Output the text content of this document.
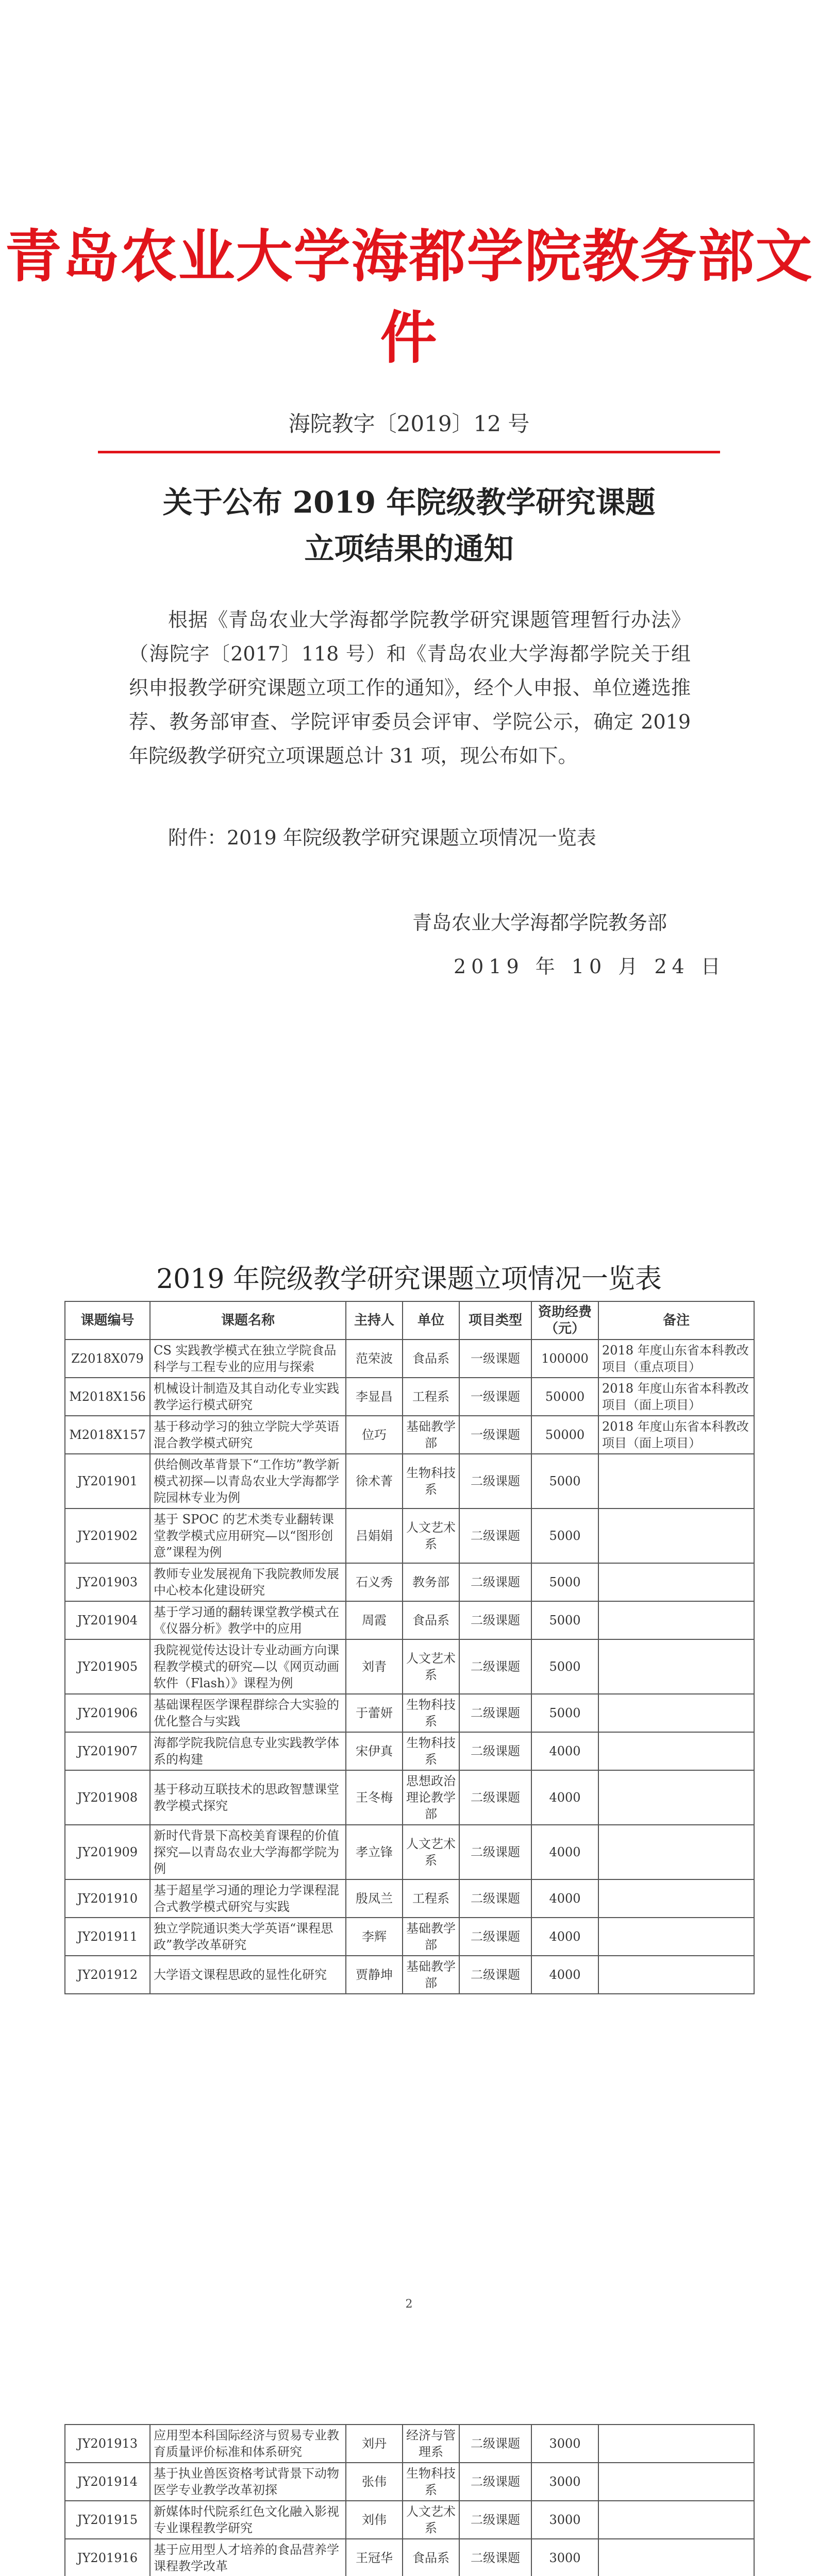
青岛农业大学海都学院教务部文件
海院教字〔2019〕12 号
关于公布 2019 年院级教学研究课题
立项结果的通知
根据《青岛农业大学海都学院教学研究课题管理暂行办法》（海院字〔2017〕118 号）和《青岛农业大学海都学院关于组织申报教学研究课题立项工作的通知》，经个人申报、单位遴选推荐、教务部审查、学院评审委员会评审、学院公示，确定 2019 年院级教学研究立项课题总计 31 项，现公布如下。
附件：2019 年院级教学研究课题立项情况一览表
青岛农业大学海都学院教务部
2019 年 10 月 24 日
2019 年院级教学研究课题立项情况一览表
课题编号	课题名称	主持人	单位	项目类型	资助经费（元）	备注
Z2018X079	CS 实践教学模式在独立学院食品科学与工程专业的应用与探索	范荣波	食品系	一级课题	100000	2018 年度山东省本科教改项目（重点项目）
M2018X156	机械设计制造及其自动化专业实践教学运行模式研究	李显昌	工程系	一级课题	50000	2018 年度山东省本科教改项目（面上项目）
M2018X157	基于移动学习的独立学院大学英语混合教学模式研究	位巧	基础教学部	一级课题	50000	2018 年度山东省本科教改项目（面上项目）
JY201901	供给侧改革背景下“工作坊”教学新模式初探—以青岛农业大学海都学院园林专业为例	徐术菁	生物科技系	二级课题	5000	
JY201902	基于 SPOC 的艺术类专业翻转课堂教学模式应用研究—以“图形创意”课程为例	吕娟娟	人文艺术系	二级课题	5000	
JY201903	教师专业发展视角下我院教师发展中心校本化建设研究	石义秀	教务部	二级课题	5000	
JY201904	基于学习通的翻转课堂教学模式在《仪器分析》教学中的应用	周霞	食品系	二级课题	5000	
JY201905	我院视觉传达设计专业动画方向课程教学模式的研究—以《网页动画软件（Flash）》课程为例	刘青	人文艺术系	二级课题	5000	
JY201906	基础课程医学课程群综合大实验的优化整合与实践	于蕾妍	生物科技系	二级课题	5000	
JY201907	海都学院我院信息专业实践教学体系的构建	宋伊真	生物科技系	二级课题	4000	
JY201908	基于移动互联技术的思政智慧课堂教学模式探究	王冬梅	思想政治理论教学部	二级课题	4000	
JY201909	新时代背景下高校美育课程的价值探究—以青岛农业大学海都学院为例	孝立锋	人文艺术系	二级课题	4000	
JY201910	基于超星学习通的理论力学课程混合式教学模式研究与实践	殷凤兰	工程系	二级课题	4000	
JY201911	独立学院通识类大学英语“课程思政”教学改革研究	李辉	基础教学部	二级课题	4000	
JY201912	大学语文课程思政的显性化研究	贾静坤	基础教学部	二级课题	4000	
2
JY201913	应用型本科国际经济与贸易专业教育质量评价标准和体系研究	刘丹	经济与管理系	二级课题	3000	
JY201914	基于执业兽医资格考试背景下动物医学专业教学改革初探	张伟	生物科技系	二级课题	3000	
JY201915	新媒体时代院系红色文化融入影视专业课程教学研究	刘伟	人文艺术系	二级课题	3000	
JY201916	基于应用型人才培养的食品营养学课程教学改革	王冠华	食品系	二级课题	3000	
